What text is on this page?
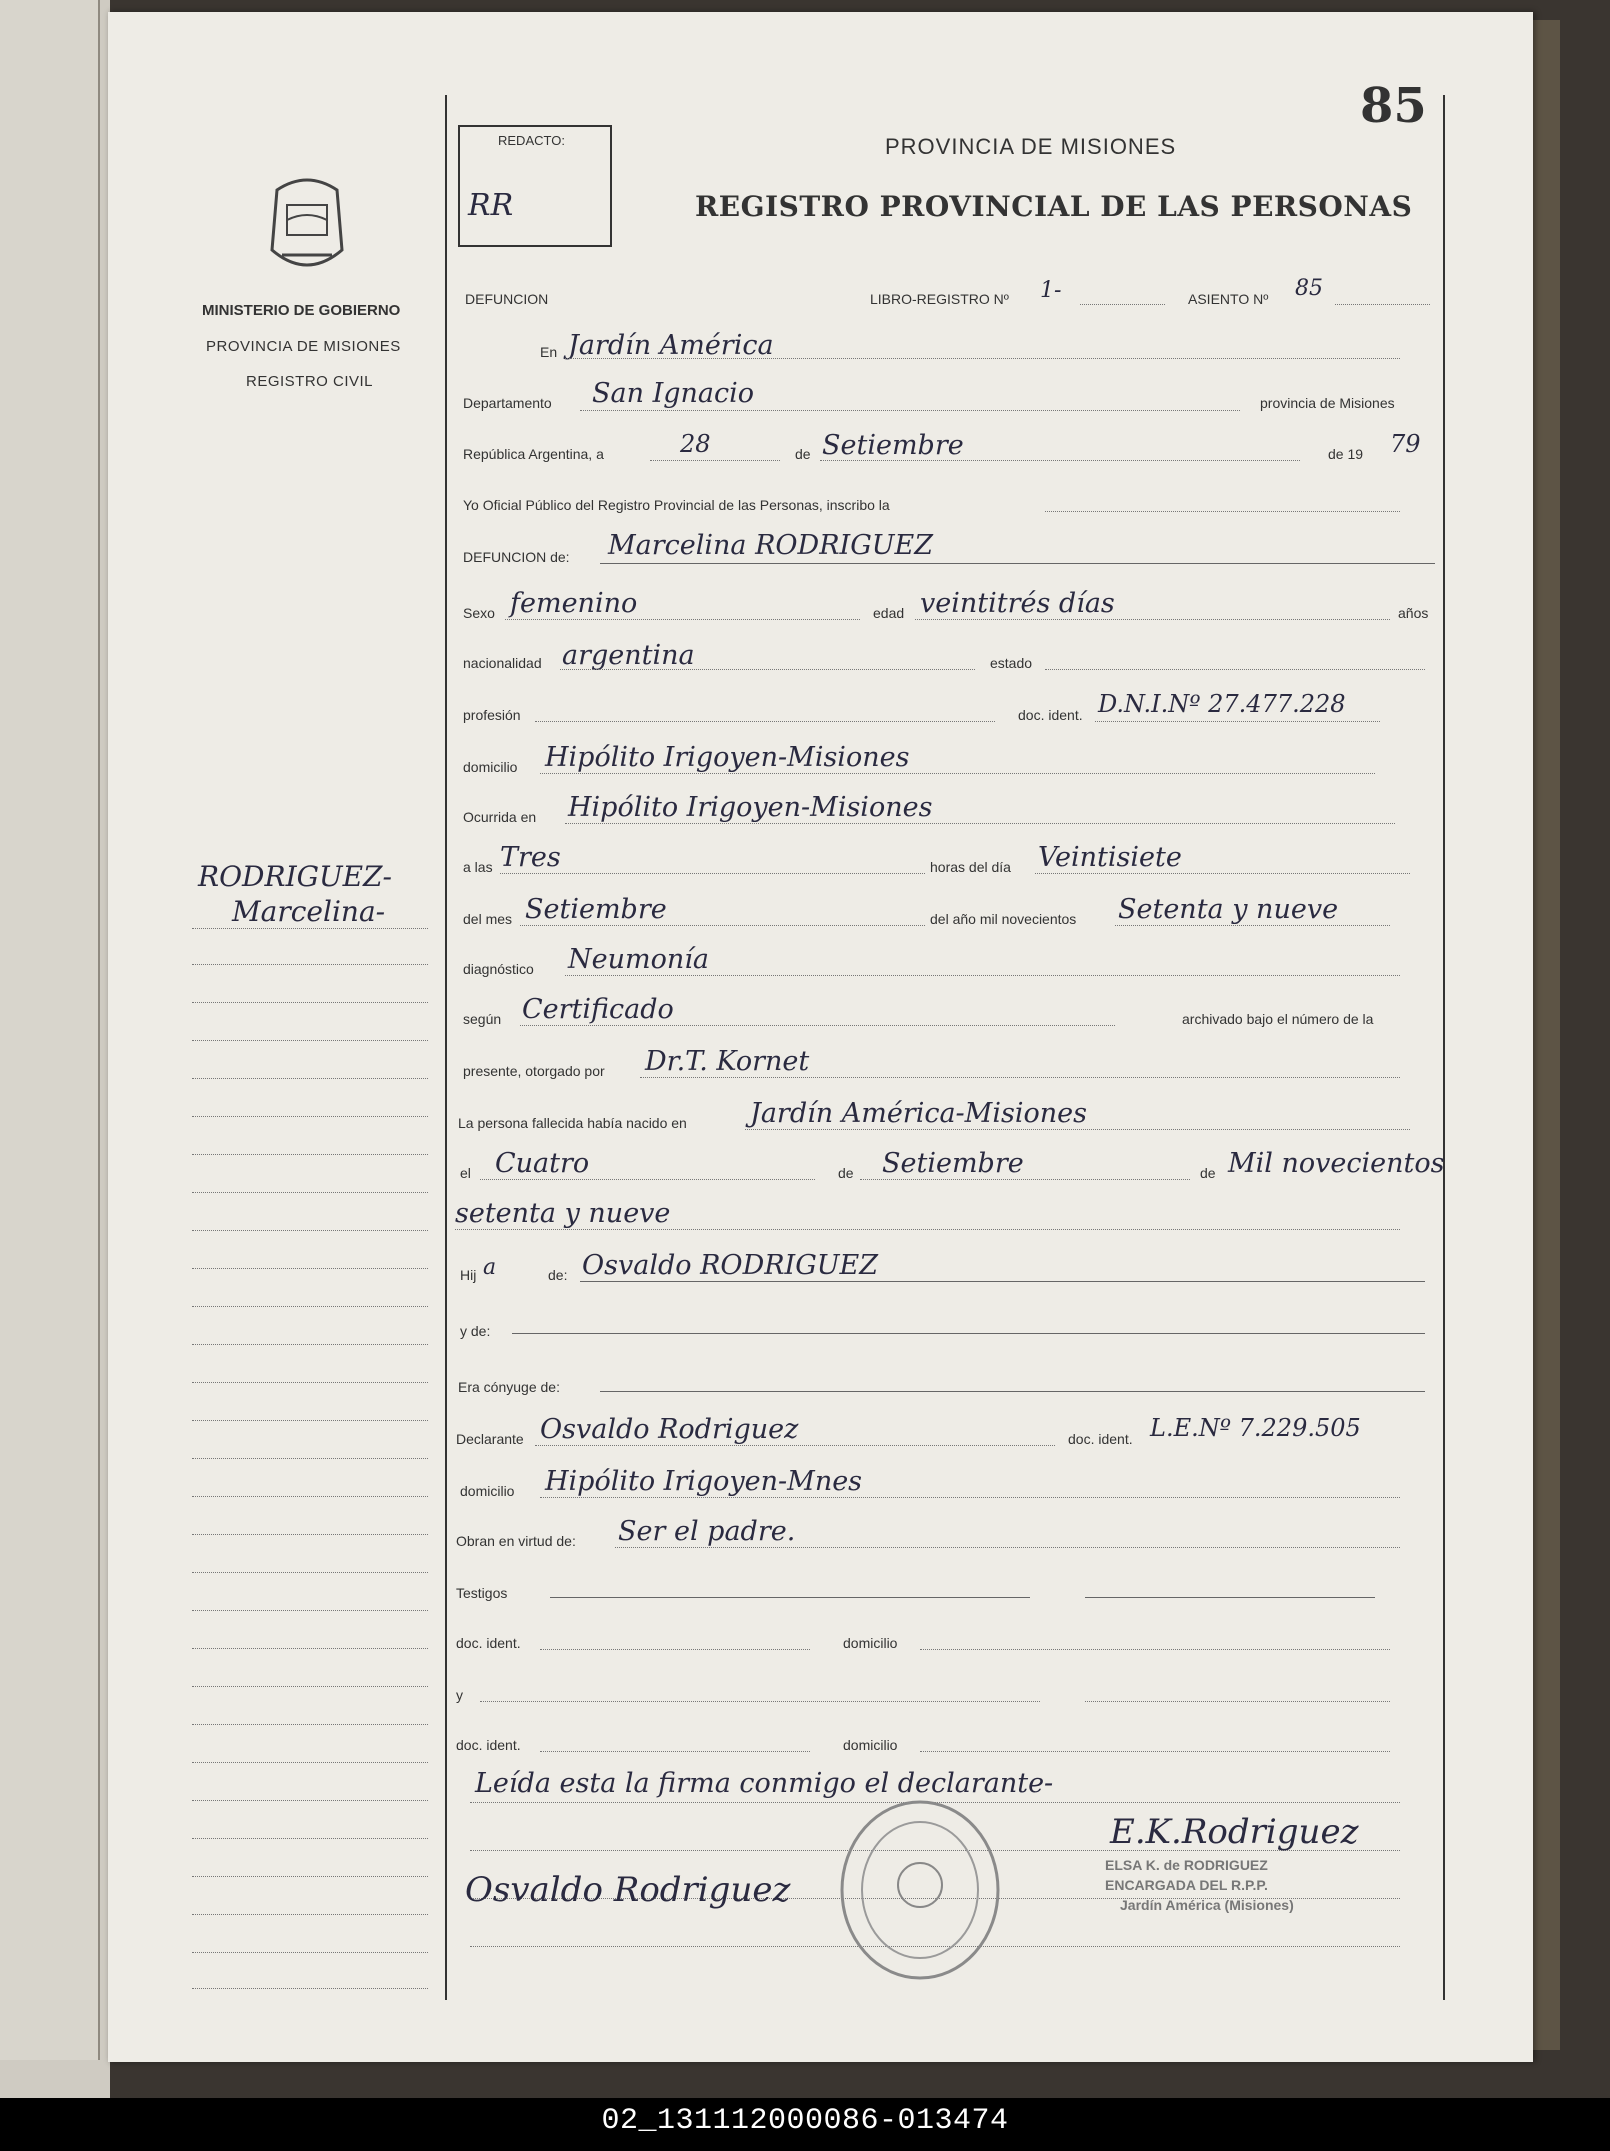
MINISTERIO DE GOBIERNO
PROVINCIA DE MISIONES
REGISTRO CIVIL
85
PROVINCIA DE MISIONES
REGISTRO PROVINCIAL DE LAS PERSONAS
REDACTO:
RR
RODRIGUEZ-
Marcelina-
DEFUNCION	LIBRO-REGISTRO Nº 1-	ASIENTO Nº 85
En Jardín América
Departamento San Ignacio	provincia de Misiones
República Argentina, a	28	de Setiembre	de 19 79
Yo Oficial Público del Registro Provincial de las Personas, inscribo la
DEFUNCION de: Marcelina RODRIGUEZ
Sexo femenino	edad veintitrés días	años
nacionalidad argentina	estado
profesión	doc. ident. D.N.I.Nº 27.477.228
domicilio Hipólito Irigoyen-Misiones
Ocurrida en Hipólito Irigoyen-Misiones
a las Tres	horas del día Veintisiete
del mes Setiembre	del año mil novecientos Setenta y nueve
diagnóstico Neumonía
según Certificado	archivado bajo el número de la
presente, otorgado por Dr.T. Kornet
La persona fallecida había nacido en Jardín América-Misiones
el Cuatro	de Setiembre	de Mil novecientos
setenta y nueve
Hij a	de: Osvaldo RODRIGUEZ
y de:
Era cónyuge de:
Declarante Osvaldo Rodriguez	doc. ident. L.E.Nº 7.229.505
domicilio Hipólito Irigoyen-Mnes
Obran en virtud de: Ser el padre.
Testigos
doc. ident.	domicilio
y
doc. ident.	domicilio
Leída esta la firma conmigo el declarante-
Osvaldo Rodriguez
E.K.Rodriguez
ELSA K. de RODRIGUEZ
ENCARGADA DEL R.P.P.
Jardín América (Misiones)
02_131112000086-013474
